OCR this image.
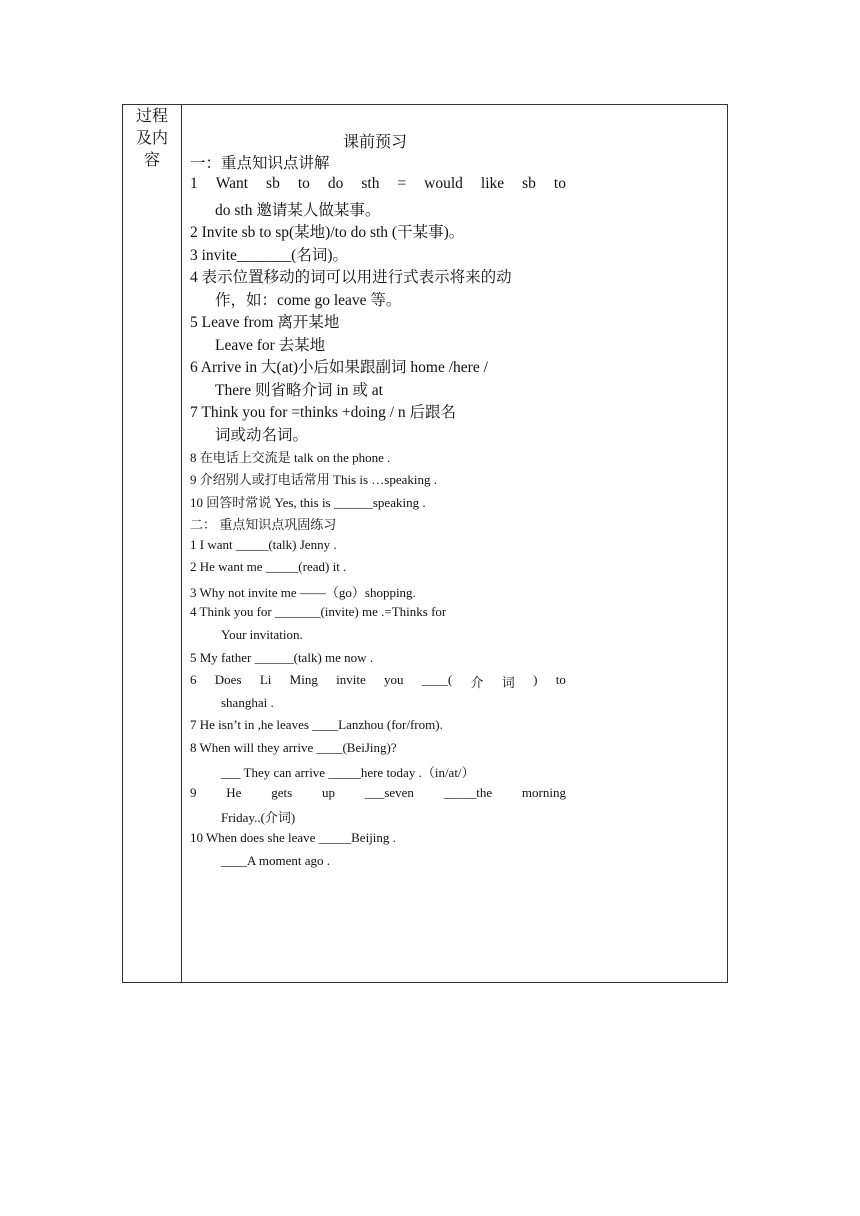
过程
及内
容
课前预习
一：重点知识点讲解
1 Want sb to do sth = would like sb to
do sth 邀请某人做某事。
2 Invite sb to sp(某地)/to do sth (干某事)。
3 invite_______(名词)。
4 表示位置移动的词可以用进行式表示将来的动
作，如：come go leave 等。
5 Leave from 离开某地
Leave for 去某地
6 Arrive in 大(at)小后如果跟副词 home /here /
There 则省略介词 in 或 at
7 Think you for =thinks +doing / n 后跟名
词或动名词。
8 在电话上交流是 talk on the phone .
9 介绍别人或打电话常用 This is …speaking .
10 回答时常说 Yes, this is ______speaking .
二： 重点知识点巩固练习
1 I want _____(talk) Jenny .
2 He want me _____(read) it .
3 Why not invite me ——（go）shopping.
4 Think you for _______(invite) me .=Thinks for
Your invitation.
5 My father ______(talk) me now .
6 Does Li Ming invite you ____( 介 词 ) to
shanghai .
7 He isn’t in ,he leaves ____Lanzhou (for/from).
8 When will they arrive ____(BeiJing)?
___ They can arrive _____here today .（in/at/）
9 He gets up ___seven _____the morning
Friday..(介词)
10 When does she leave _____Beijing .
____A moment ago .
